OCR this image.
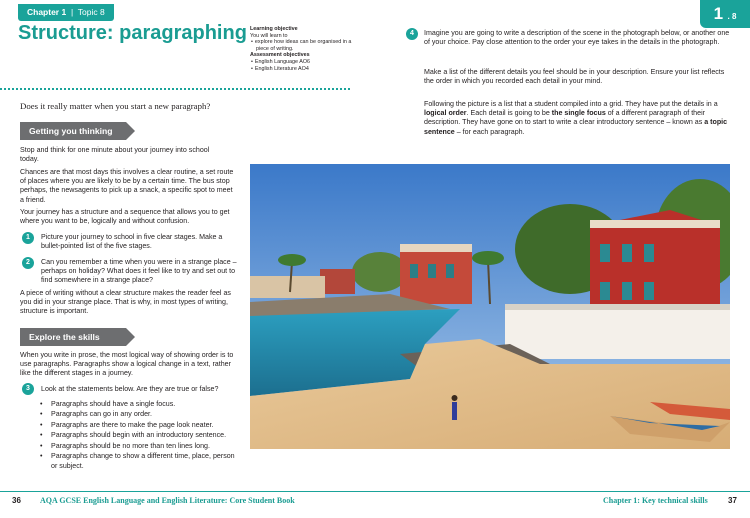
Chapter 1  |  Topic 8	1 . 8
Structure: paragraphing Learning objective
You will learn to
• explore how ideas can be organised in a piece of writing.
Assessment objectives
• English Language AO6
• English Literature AO4
Does it really matter when you start a new paragraph?
Getting you thinking
Stop and think for one minute about your journey into school today.
Chances are that most days this involves a clear routine, a set route of places where you are likely to be by a certain time. The bus stop perhaps, the newsagents to pick up a snack, a specific spot to meet a friend.
Your journey has a structure and a sequence that allows you to get where you want to be, logically and without confusion.
1	Picture your journey to school in five clear stages. Make a bullet-pointed list of the five stages.
2	Can you remember a time when you were in a strange place – perhaps on holiday? What does it feel like to try and set out to find somewhere in a strange place?
A piece of writing without a clear structure makes the reader feel as you did in your strange place. That is why, in most types of writing, structure is important.
Explore the skills
When you write in prose, the most logical way of showing order is to use paragraphs. Paragraphs show a logical change in a text, rather like the different stages in a journey.
3	Look at the statements below. Are they are true or false?
• Paragraphs should have a single focus.
• Paragraphs can go in any order.
• Paragraphs are there to make the page look neater.
• Paragraphs should begin with an introductory sentence.
• Paragraphs should be no more than ten lines long.
• Paragraphs change to show a different time, place, person or subject.
4	Imagine you are going to write a description of the scene in the photograph below, or another one of your choice. Pay close attention to the order your eye takes in the details in the photograph.
Make a list of the different details you feel should be in your description. Ensure your list reflects the order in which you recorded each detail in your mind.
Following the picture is a list that a student compiled into a grid. They have put the details in a logical order. Each detail is going to be the single focus of a different paragraph of their description. They have gone on to start to write a clear introductory sentence – known as a topic sentence – for each paragraph.
36 AQA GCSE English Language and English Literature: Core Student Book	Chapter 1: Key technical skills	37
